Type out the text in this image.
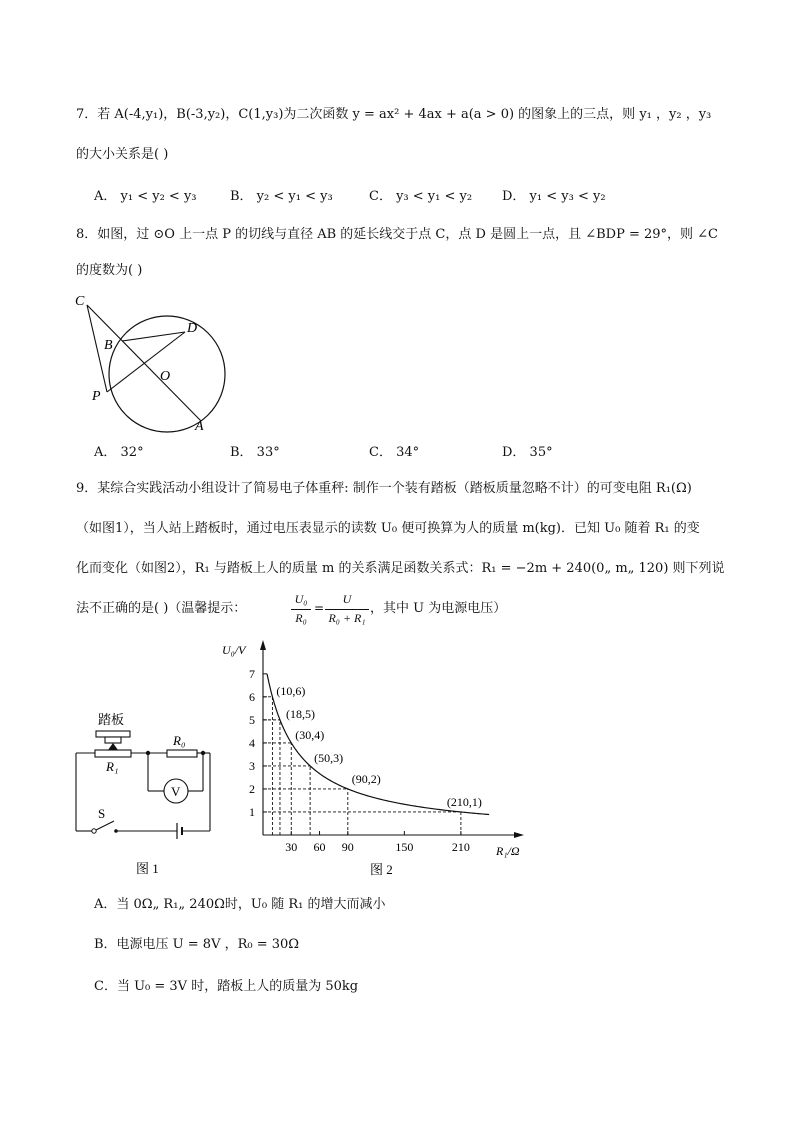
7．若 A(-4,y₁)，B(-3,y₂)，C(1,y₃)为二次函数 y = ax² + 4ax + a(a > 0) 的图象上的三点，则 y₁ ，y₂ ，y₃
的大小关系是( )
A． y₁ < y₂ < y₃	B． y₂ < y₁ < y₃	C． y₃ < y₁ < y₂ D． y₁ < y₃ < y₂
8．如图，过 ⊙O 上一点 P 的切线与直径 AB 的延长线交于点 C，点 D 是圆上一点，且 ∠BDP = 29°，则 ∠C
的度数为( )
C
B
D
O
P
A
A． 32°	B． 33°	C． 34°	D． 35°
9．某综合实践活动小组设计了简易电子体重秤: 制作一个装有踏板（踏板质量忽略不计）的可变电阻 R₁(Ω)
（如图1），当人站上踏板时，通过电压表显示的读数 U₀ 便可换算为人的质量 m(kg)．已知 U₀ 随着 R₁ 的变
化而变化（如图2），R₁ 与踏板上人的质量 m 的关系满足函数关系式：R₁ = −2m + 240(0„ m„ 120) 则下列说
法不正确的是( )（温馨提示：
U₀
R₀
=
U
R₀ + R₁
，其中 U 为电源电压）
踏板
R₁
R₀
V
S
图 1
U₀/V
R₁/Ω
1
2
3
4
5
6
7
30 60 90	150	210
(10,6)
(18,5)
(30,4)
(50,3)
(90,2)
(210,1)
图 2
A．当 0Ω„ R₁„ 240Ω时，U₀ 随 R₁ 的增大而减小
B．电源电压 U = 8V ，R₀ = 30Ω
C．当 U₀ = 3V 时，踏板上人的质量为 50kg
